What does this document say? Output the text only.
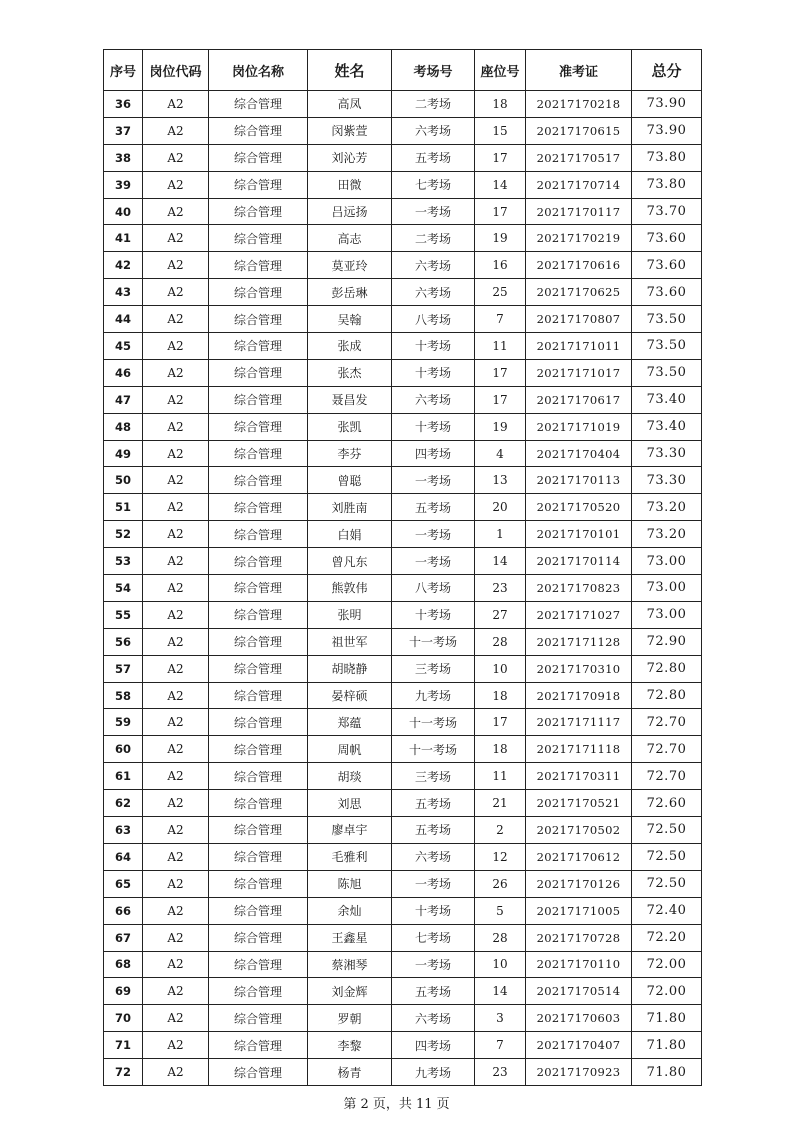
序号	岗位代码	岗位名称	姓名	考场号	座位号	准考证	总分
36	A2	综合管理	高凤	二考场	18	20217170218	73.90
37	A2	综合管理	闵紫萱	六考场	15	20217170615	73.90
38	A2	综合管理	刘沁芳	五考场	17	20217170517	73.80
39	A2	综合管理	田微	七考场	14	20217170714	73.80
40	A2	综合管理	吕远扬	一考场	17	20217170117	73.70
41	A2	综合管理	高志	二考场	19	20217170219	73.60
42	A2	综合管理	莫亚玲	六考场	16	20217170616	73.60
43	A2	综合管理	彭岳琳	六考场	25	20217170625	73.60
44	A2	综合管理	吴翰	八考场	7	20217170807	73.50
45	A2	综合管理	张成	十考场	11	20217171011	73.50
46	A2	综合管理	张杰	十考场	17	20217171017	73.50
47	A2	综合管理	聂昌发	六考场	17	20217170617	73.40
48	A2	综合管理	张凯	十考场	19	20217171019	73.40
49	A2	综合管理	李芬	四考场	4	20217170404	73.30
50	A2	综合管理	曾聪	一考场	13	20217170113	73.30
51	A2	综合管理	刘胜南	五考场	20	20217170520	73.20
52	A2	综合管理	白娟	一考场	1	20217170101	73.20
53	A2	综合管理	曾凡东	一考场	14	20217170114	73.00
54	A2	综合管理	熊敦伟	八考场	23	20217170823	73.00
55	A2	综合管理	张明	十考场	27	20217171027	73.00
56	A2	综合管理	祖世军	十一考场	28	20217171128	72.90
57	A2	综合管理	胡晓静	三考场	10	20217170310	72.80
58	A2	综合管理	晏梓硕	九考场	18	20217170918	72.80
59	A2	综合管理	郑蕴	十一考场	17	20217171117	72.70
60	A2	综合管理	周帆	十一考场	18	20217171118	72.70
61	A2	综合管理	胡琰	三考场	11	20217170311	72.70
62	A2	综合管理	刘思	五考场	21	20217170521	72.60
63	A2	综合管理	廖卓宇	五考场	2	20217170502	72.50
64	A2	综合管理	毛雅利	六考场	12	20217170612	72.50
65	A2	综合管理	陈旭	一考场	26	20217170126	72.50
66	A2	综合管理	余灿	十考场	5	20217171005	72.40
67	A2	综合管理	王鑫星	七考场	28	20217170728	72.20
68	A2	综合管理	蔡湘琴	一考场	10	20217170110	72.00
69	A2	综合管理	刘金辉	五考场	14	20217170514	72.00
70	A2	综合管理	罗朝	六考场	3	20217170603	71.80
71	A2	综合管理	李黎	四考场	7	20217170407	71.80
72	A2	综合管理	杨青	九考场	23	20217170923	71.80
第 2 页，共 11 页
